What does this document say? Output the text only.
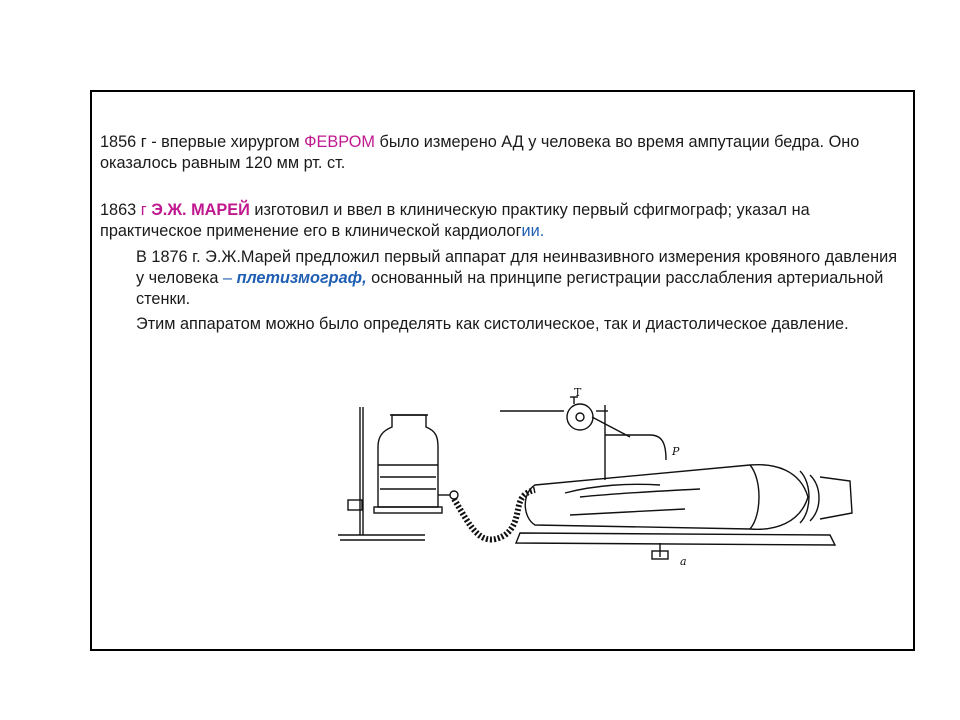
1856 г - впервые хирургом ФЕВРОМ было измерено АД у человека во время ампутации бедра. Оно оказалось равным 120 мм рт. ст.

1863 г Э.Ж. МАРЕЙ изготовил и ввел в клиническую практику первый сфигмограф; указал на практическое применение его в клинической кардиологии.

В 1876 г. Э.Ж.Марей предложил первый аппарат для неинвазивного измерения кровяного давления у человека – плетизмограф, основанный на принципе регистрации расслабления артериальной стенки.

Этим аппаратом можно было определять как систолическое, так и диастолическое давление.

T
P
a
